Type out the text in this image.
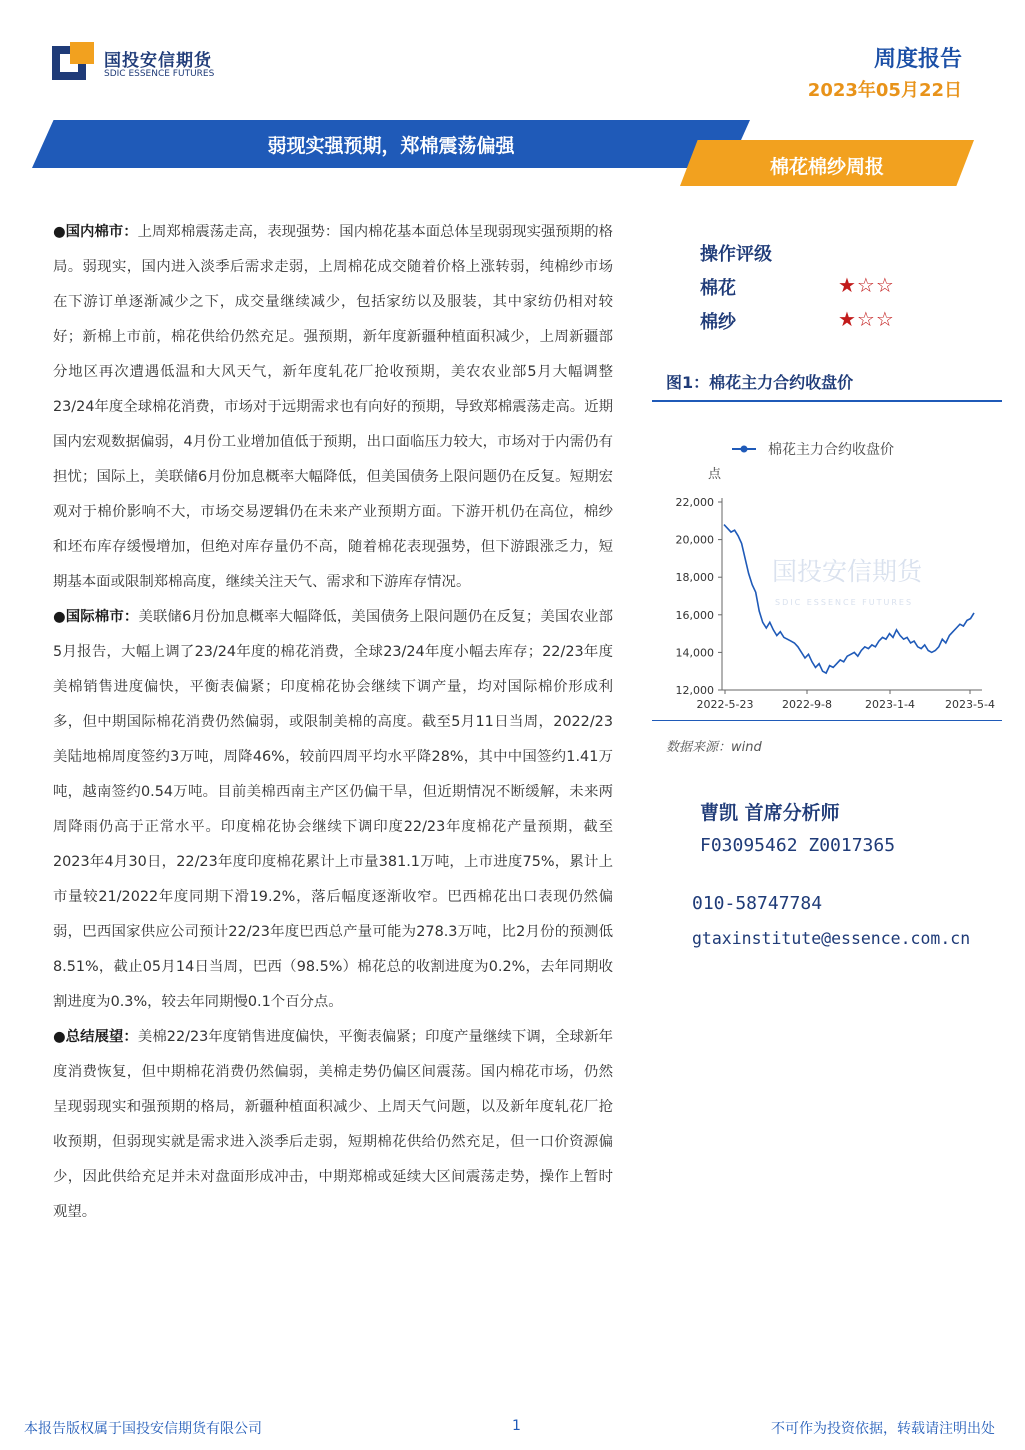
国投安信期货
SDIC ESSENCE FUTURES
周度报告
2023年05月22日
弱现实强预期，郑棉震荡偏强
棉花棉纱周报

●国内棉市：上周郑棉震荡走高，表现强势：国内棉花基本面总体呈现弱现实强预期的格局。弱现实，国内进入淡季后需求走弱，上周棉花成交随着价格上涨转弱，纯棉纱市场在下游订单逐渐减少之下，成交量继续减少，包括家纺以及服装，其中家纺仍相对较好；新棉上市前，棉花供给仍然充足。强预期，新年度新疆种植面积减少，上周新疆部分地区再次遭遇低温和大风天气，新年度轧花厂抢收预期，美农农业部5月大幅调整23/24年度全球棉花消费，市场对于远期需求也有向好的预期，导致郑棉震荡走高。近期国内宏观数据偏弱，4月份工业增加值低于预期，出口面临压力较大，市场对于内需仍有担忧；国际上，美联储6月份加息概率大幅降低，但美国债务上限问题仍在反复。短期宏观对于棉价影响不大，市场交易逻辑仍在未来产业预期方面。下游开机仍在高位，棉纱和坯布库存缓慢增加，但绝对库存量仍不高，随着棉花表现强势，但下游跟涨乏力，短期基本面或限制郑棉高度，继续关注天气、需求和下游库存情况。

●国际棉市：美联储6月份加息概率大幅降低，美国债务上限问题仍在反复；美国农业部5月报告，大幅上调了23/24年度的棉花消费，全球23/24年度小幅去库存；22/23年度美棉销售进度偏快，平衡表偏紧；印度棉花协会继续下调产量，均对国际棉价形成利多，但中期国际棉花消费仍然偏弱，或限制美棉的高度。截至5月11日当周，2022/23美陆地棉周度签约3万吨，周降46%，较前四周平均水平降28%，其中中国签约1.41万吨，越南签约0.54万吨。目前美棉西南主产区仍偏干旱，但近期情况不断缓解，未来两周降雨仍高于正常水平。印度棉花协会继续下调印度22/23年度棉花产量预期，截至2023年4月30日，22/23年度印度棉花累计上市量381.1万吨，上市进度75%，累计上市量较21/2022年度同期下滑19.2%，落后幅度逐渐收窄。巴西棉花出口表现仍然偏弱，巴西国家供应公司预计22/23年度巴西总产量可能为278.3万吨，比2月份的预测低8.51%，截止05月14日当周，巴西（98.5%）棉花总的收割进度为0.2%，去年同期收割进度为0.3%，较去年同期慢0.1个百分点。

●总结展望：美棉22/23年度销售进度偏快，平衡表偏紧；印度产量继续下调，全球新年度消费恢复，但中期棉花消费仍然偏弱，美棉走势仍偏区间震荡。国内棉花市场，仍然呈现弱现实和强预期的格局，新疆种植面积减少、上周天气问题，以及新年度轧花厂抢收预期，但弱现实就是需求进入淡季后走弱，短期棉花供给仍然充足，但一口价资源偏少，因此供给充足并未对盘面形成冲击，中期郑棉或延续大区间震荡走势，操作上暂时观望。

操作评级
棉花	★☆☆
棉纱	★☆☆
图1：棉花主力合约收盘价
棉花主力合约收盘价
点
国投安信期货
SDIC ESSENCE FUTURES
12,000
14,000
16,000
18,000
20,000
22,000
2022-5-23	2022-9-8	2023-1-4	2023-5-4
数据来源：wind
曹凯 首席分析师
F03095462 Z0017365
010-58747784
gtaxinstitute@essence.com.cn
本报告版权属于国投安信期货有限公司	1	不可作为投资依据，转载请注明出处
